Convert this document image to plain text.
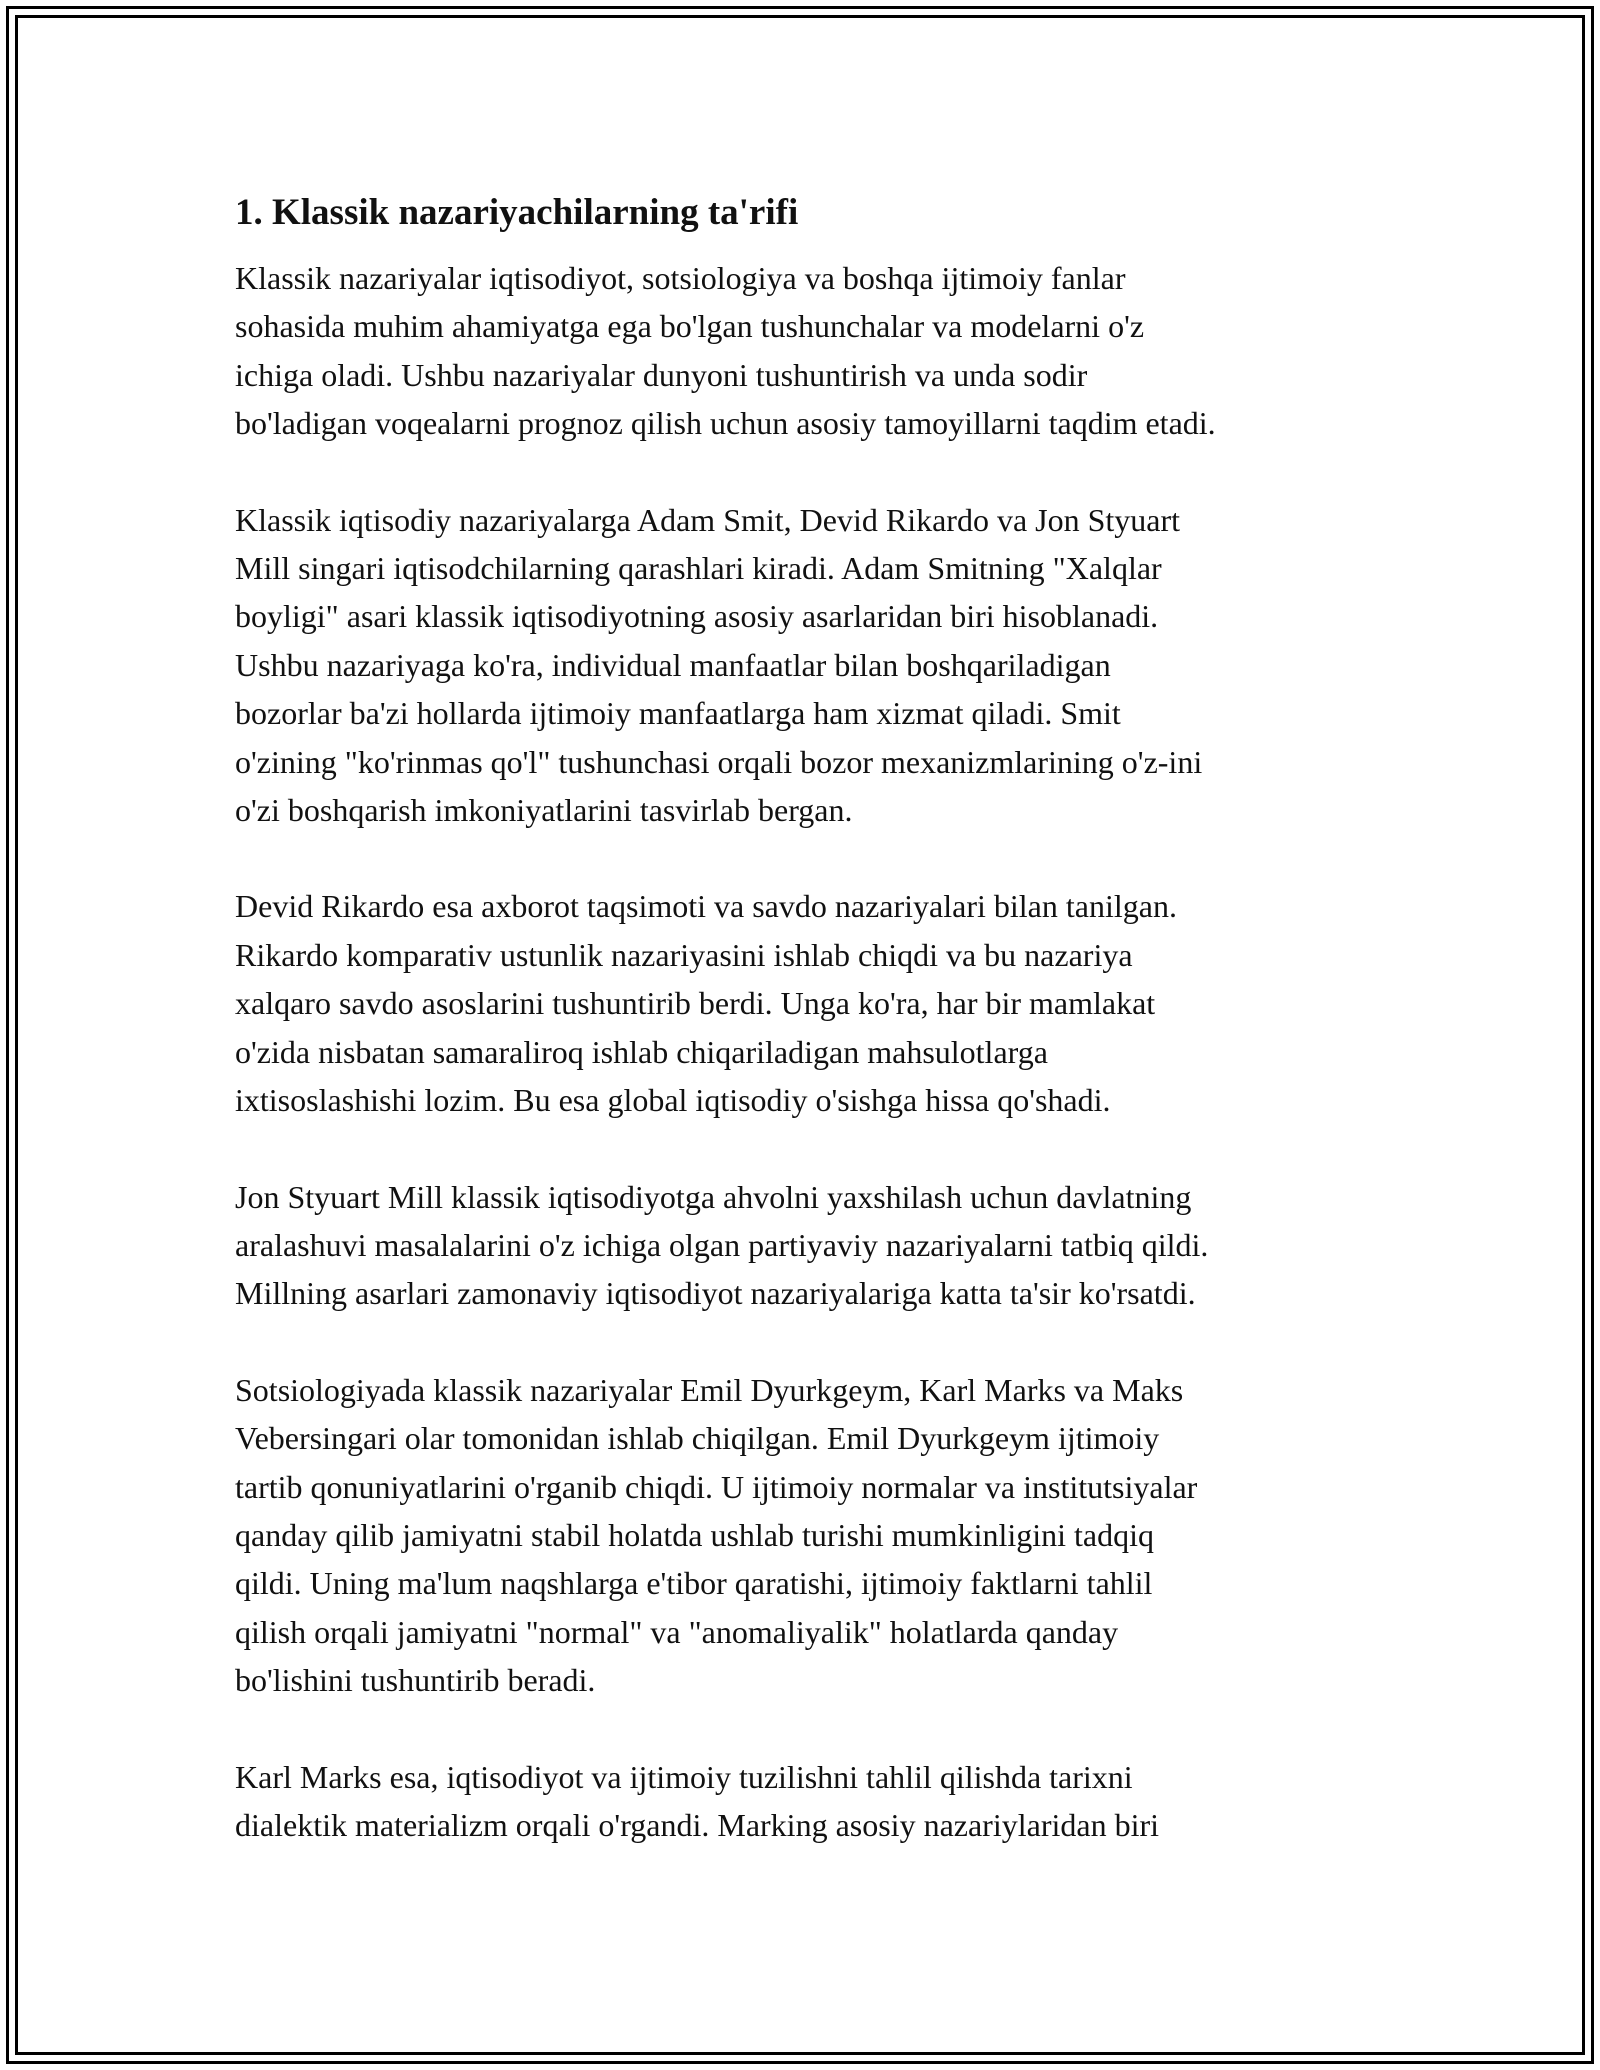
1. Klassik nazariyachilarning ta'rifi

Klassik nazariyalar iqtisodiyot, sotsiologiya va boshqa ijtimoiy fanlar
sohasida muhim ahamiyatga ega bo'lgan tushunchalar va modelarni o'z
ichiga oladi. Ushbu nazariyalar dunyoni tushuntirish va unda sodir
bo'ladigan voqealarni prognoz qilish uchun asosiy tamoyillarni taqdim etadi.

Klassik iqtisodiy nazariyalarga Adam Smit, Devid Rikardo va Jon Styuart
Mill singari iqtisodchilarning qarashlari kiradi. Adam Smitning "Xalqlar
boyligi" asari klassik iqtisodiyotning asosiy asarlaridan biri hisoblanadi.
Ushbu nazariyaga ko'ra, individual manfaatlar bilan boshqariladigan
bozorlar ba'zi hollarda ijtimoiy manfaatlarga ham xizmat qiladi. Smit
o'zining "ko'rinmas qo'l" tushunchasi orqali bozor mexanizmlarining o'z-ini
o'zi boshqarish imkoniyatlarini tasvirlab bergan.

Devid Rikardo esa axborot taqsimoti va savdo nazariyalari bilan tanilgan.
Rikardo komparativ ustunlik nazariyasini ishlab chiqdi va bu nazariya
xalqaro savdo asoslarini tushuntirib berdi. Unga ko'ra, har bir mamlakat
o'zida nisbatan samaraliroq ishlab chiqariladigan mahsulotlarga
ixtisoslashishi lozim. Bu esa global iqtisodiy o'sishga hissa qo'shadi.

Jon Styuart Mill klassik iqtisodiyotga ahvolni yaxshilash uchun davlatning
aralashuvi masalalarini o'z ichiga olgan partiyaviy nazariyalarni tatbiq qildi.
Millning asarlari zamonaviy iqtisodiyot nazariyalariga katta ta'sir ko'rsatdi.

Sotsiologiyada klassik nazariyalar Emil Dyurkgeym, Karl Marks va Maks
Vebersingari olar tomonidan ishlab chiqilgan. Emil Dyurkgeym ijtimoiy
tartib qonuniyatlarini o'rganib chiqdi. U ijtimoiy normalar va institutsiyalar
qanday qilib jamiyatni stabil holatda ushlab turishi mumkinligini tadqiq
qildi. Uning ma'lum naqshlarga e'tibor qaratishi, ijtimoiy faktlarni tahlil
qilish orqali jamiyatni "normal" va "anomaliyalik" holatlarda qanday
bo'lishini tushuntirib beradi.

Karl Marks esa, iqtisodiyot va ijtimoiy tuzilishni tahlil qilishda tarixni
dialektik materializm orqali o'rgandi. Marking asosiy nazariylaridan biri
